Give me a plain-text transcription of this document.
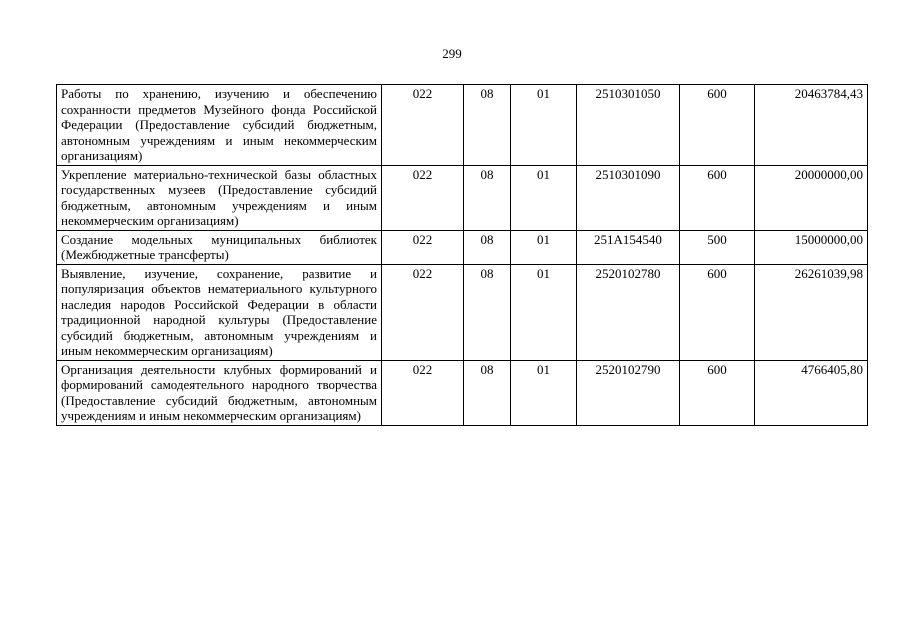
299
Работы по хранению, изучению и обеспечению сохранности предметов Музейного фонда Российской Федерации (Предоставление субсидий бюджетным, автономным учреждениям и иным некоммерческим организациям)	022	08	01	2510301050	600	20463784,43
Укрепление материально-технической базы областных государственных музеев (Предоставление субсидий бюджетным, автономным учреждениям и иным некоммерческим организациям)	022	08	01	2510301090	600	20000000,00
Создание модельных муниципальных библиотек (Межбюджетные трансферты)	022	08	01	251A154540	500	15000000,00
Выявление, изучение, сохранение, развитие и популяризация объектов нематериального культурного наследия народов Российской Федерации в области традиционной народной культуры (Предоставление субсидий бюджетным, автономным учреждениям и иным некоммерческим организациям)	022	08	01	2520102780	600	26261039,98
Организация деятельности клубных формирований и формирований самодеятельного народного творчества (Предоставление субсидий бюджетным, автономным учреждениям и иным некоммерческим организациям)	022	08	01	2520102790	600	4766405,80
